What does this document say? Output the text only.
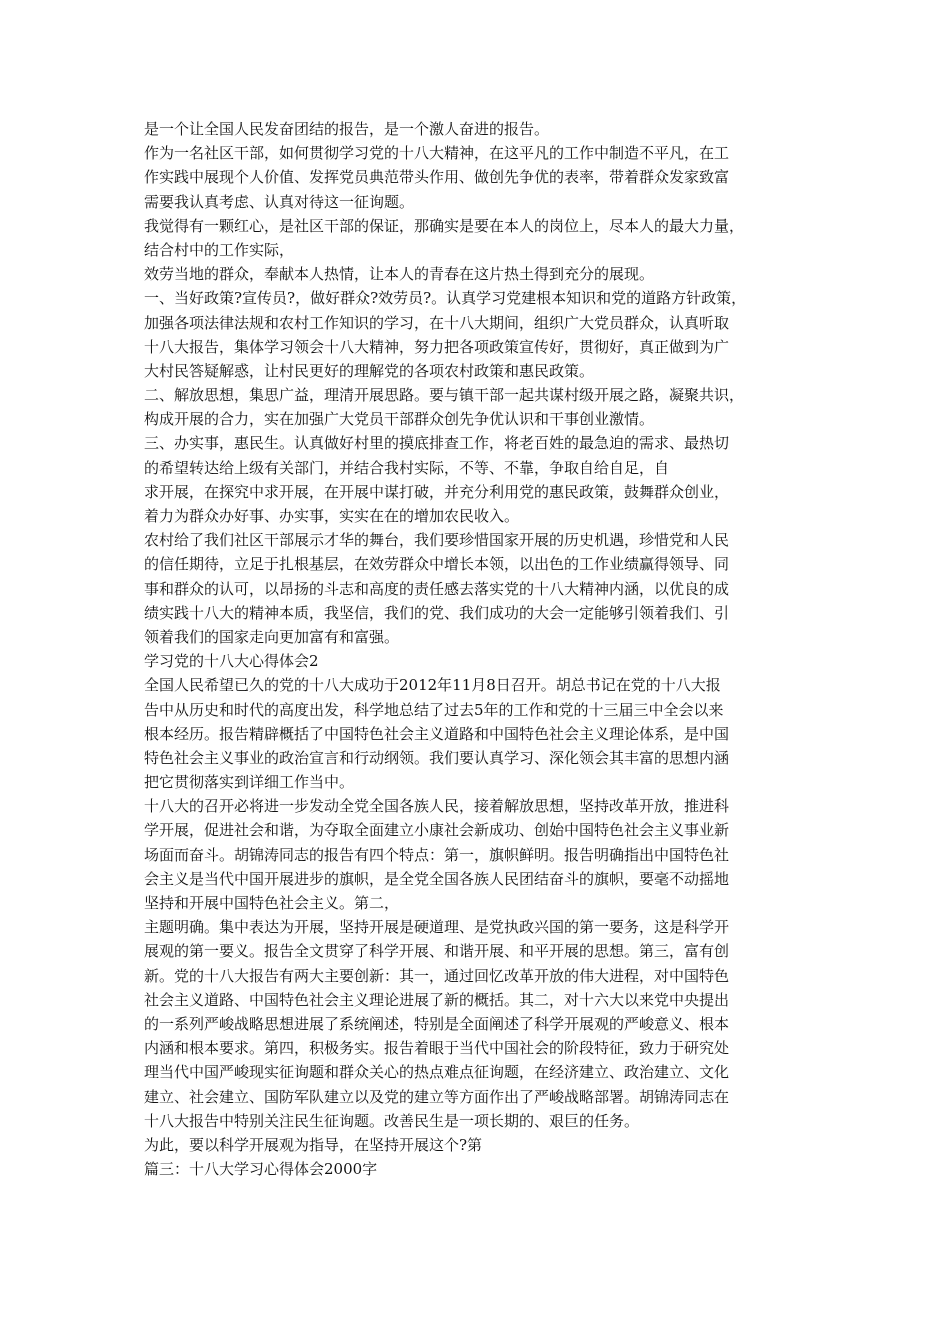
是一个让全国人民发奋团结的报告，是一个激人奋进的报告。
作为一名社区干部，如何贯彻学习党的十八大精神，在这平凡的工作中制造不平凡，在工
作实践中展现个人价值、发挥党员典范带头作用、做创先争优的表率，带着群众发家致富
需要我认真考虑、认真对待这一征询题。
我觉得有一颗红心，是社区干部的保证，那确实是要在本人的岗位上，尽本人的最大力量，
结合村中的工作实际，
效劳当地的群众，奉献本人热情，让本人的青春在这片热土得到充分的展现。
一、当好政策?宣传员?，做好群众?效劳员?。认真学习党建根本知识和党的道路方针政策，
加强各项法律法规和农村工作知识的学习，在十八大期间，组织广大党员群众，认真听取
十八大报告，集体学习领会十八大精神，努力把各项政策宣传好，贯彻好，真正做到为广
大村民答疑解惑，让村民更好的理解党的各项农村政策和惠民政策。
二、解放思想，集思广益，理清开展思路。要与镇干部一起共谋村级开展之路，凝聚共识，
构成开展的合力，实在加强广大党员干部群众创先争优认识和干事创业激情。
三、办实事，惠民生。认真做好村里的摸底排查工作，将老百姓的最急迫的需求、最热切
的希望转达给上级有关部门，并结合我村实际，不等、不靠，争取自给自足，自
求开展，在探究中求开展，在开展中谋打破，并充分利用党的惠民政策，鼓舞群众创业，
着力为群众办好事、办实事，实实在在的增加农民收入。
农村给了我们社区干部展示才华的舞台，我们要珍惜国家开展的历史机遇，珍惜党和人民
的信任期待，立足于扎根基层，在效劳群众中增长本领，以出色的工作业绩赢得领导、同
事和群众的认可，以昂扬的斗志和高度的责任感去落实党的十八大精神内涵，以优良的成
绩实践十八大的精神本质，我坚信，我们的党、我们成功的大会一定能够引领着我们、引
领着我们的国家走向更加富有和富强。
学习党的十八大心得体会2
全国人民希望已久的党的十八大成功于2012年11月8日召开。胡总书记在党的十八大报
告中从历史和时代的高度出发，科学地总结了过去5年的工作和党的十三届三中全会以来
根本经历。报告精辟概括了中国特色社会主义道路和中国特色社会主义理论体系，是中国
特色社会主义事业的政治宣言和行动纲领。我们要认真学习、深化领会其丰富的思想内涵
把它贯彻落实到详细工作当中。
十八大的召开必将进一步发动全党全国各族人民，接着解放思想，坚持改革开放，推进科
学开展，促进社会和谐，为夺取全面建立小康社会新成功、创始中国特色社会主义事业新
场面而奋斗。胡锦涛同志的报告有四个特点：第一，旗帜鲜明。报告明确指出中国特色社
会主义是当代中国开展进步的旗帜，是全党全国各族人民团结奋斗的旗帜，要毫不动摇地
坚持和开展中国特色社会主义。第二，
主题明确。集中表达为开展，坚持开展是硬道理、是党执政兴国的第一要务，这是科学开
展观的第一要义。报告全文贯穿了科学开展、和谐开展、和平开展的思想。第三，富有创
新。党的十八大报告有两大主要创新：其一，通过回忆改革开放的伟大进程，对中国特色
社会主义道路、中国特色社会主义理论进展了新的概括。其二，对十六大以来党中央提出
的一系列严峻战略思想进展了系统阐述，特别是全面阐述了科学开展观的严峻意义、根本
内涵和根本要求。第四，积极务实。报告着眼于当代中国社会的阶段特征，致力于研究处
理当代中国严峻现实征询题和群众关心的热点难点征询题，在经济建立、政治建立、文化
建立、社会建立、国防军队建立以及党的建立等方面作出了严峻战略部署。胡锦涛同志在
十八大报告中特别关注民生征询题。改善民生是一项长期的、艰巨的任务。
为此，要以科学开展观为指导，在坚持开展这个?第
篇三：十八大学习心得体会2000字
